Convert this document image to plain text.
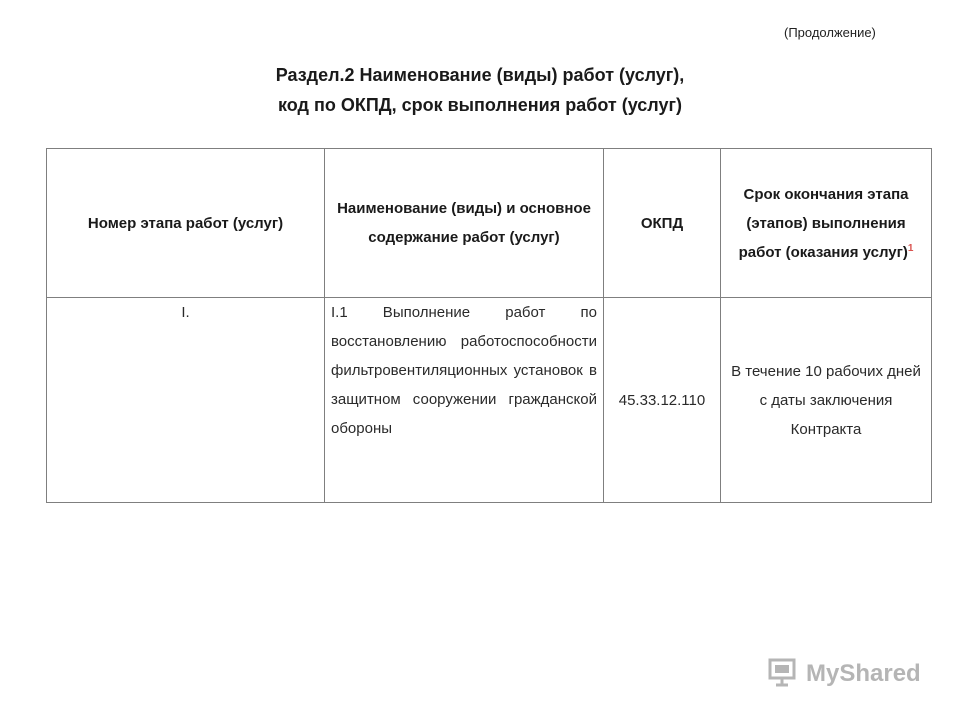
(Продолжение)
Раздел.2 Наименование (виды) работ (услуг),
код по ОКПД, срок выполнения работ (услуг)
Номер этапа работ (услуг)	Наименование (виды) и основное содержание работ (услуг)	ОКПД	Срок окончания этапа (этапов) выполнения работ (оказания услуг)$^1$
I.	I.1 Выполнение работ по восстановлению работоспособности фильтровентиляционных установок в защитном сооружении гражданской обороны	45.33.12.110	В течение 10 рабочих дней с даты заключения Контракта
MyShared
